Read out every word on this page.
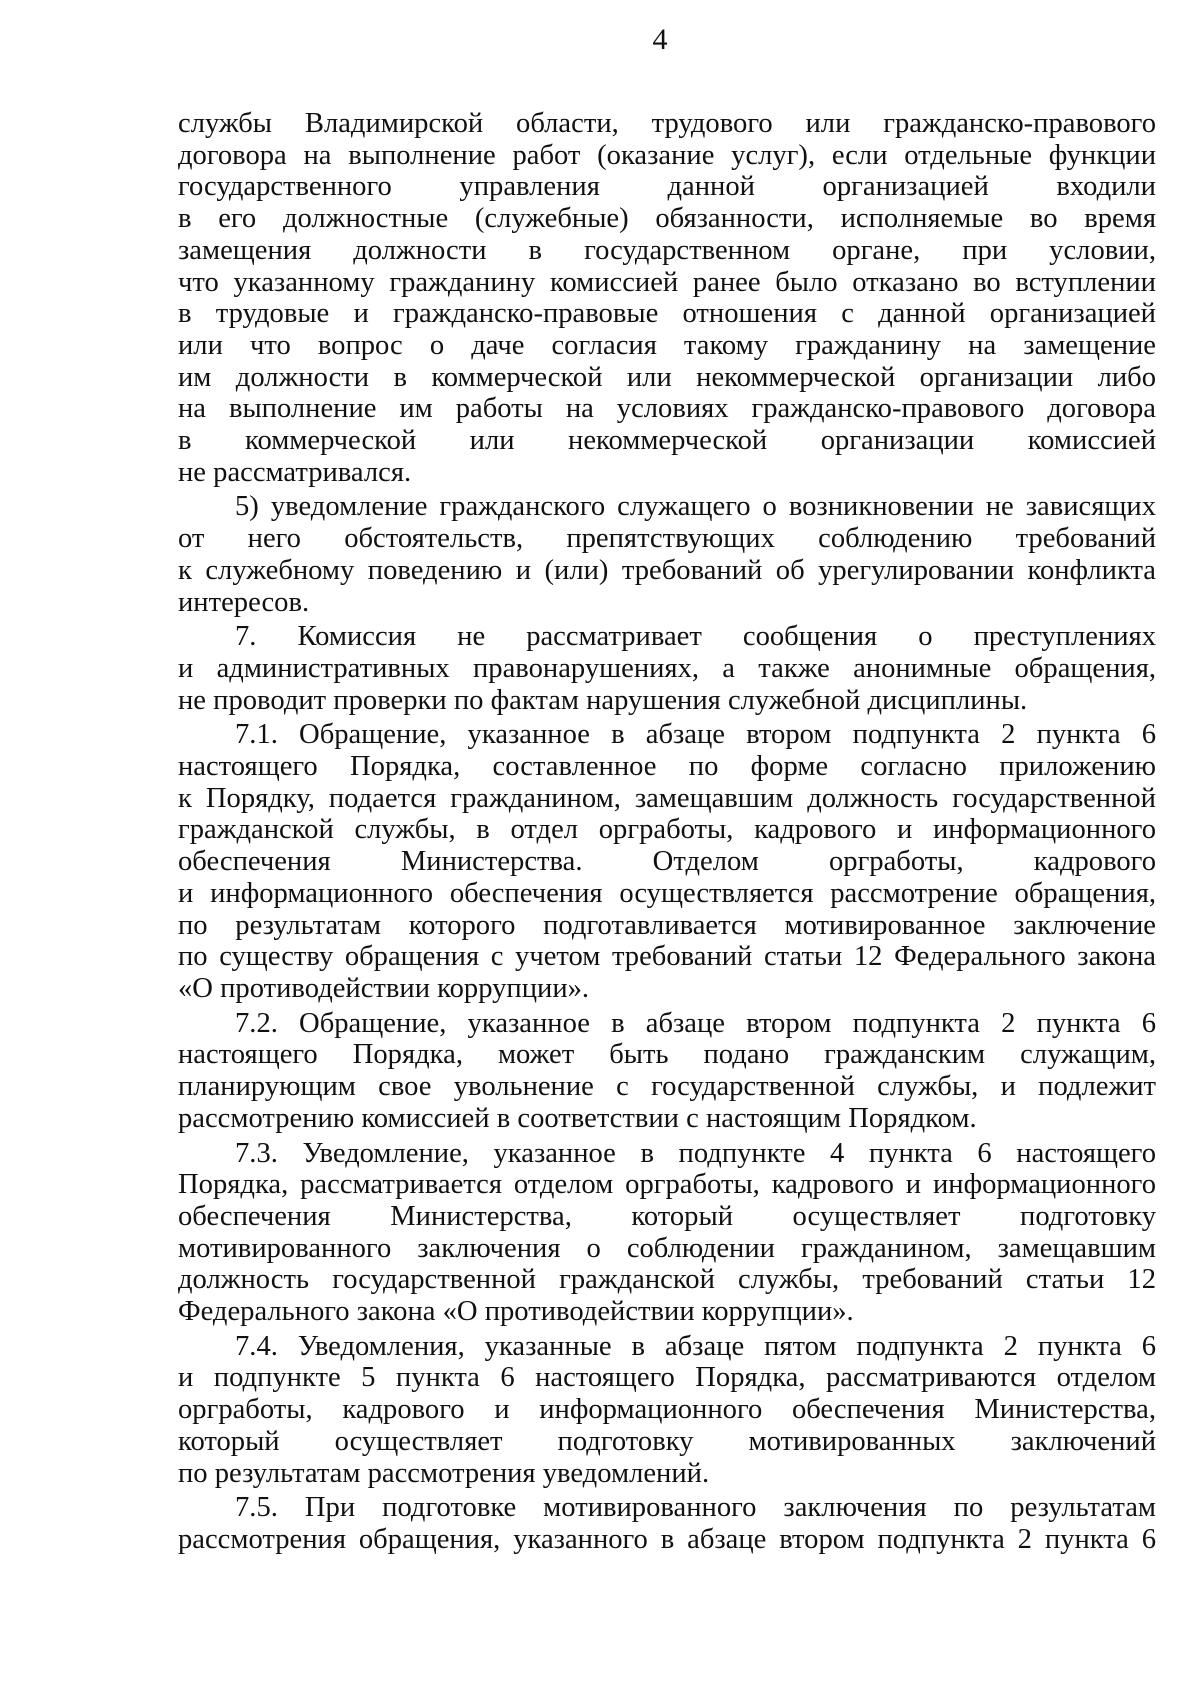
4

службы Владимирской области, трудового или гражданско-правового

договора на выполнение работ (оказание услуг), если отдельные функции

государственного управления данной организацией входили

в его должностные (служебные) обязанности, исполняемые во время

замещения должности в государственном органе, при условии,

что указанному гражданину комиссией ранее было отказано во вступлении

в трудовые и гражданско-правовые отношения с данной организацией

или что вопрос о даче согласия такому гражданину на замещение

им должности в коммерческой или некоммерческой организации либо

на выполнение им работы на условиях гражданско-правового договора

в коммерческой или некоммерческой организации комиссией

не рассматривался.

5) уведомление гражданского служащего о возникновении не зависящих

от него обстоятельств, препятствующих соблюдению требований

к служебному поведению и (или) требований об урегулировании конфликта

интересов.

7. Комиссия не рассматривает сообщения о преступлениях

и административных правонарушениях, а также анонимные обращения,

не проводит проверки по фактам нарушения служебной дисциплины.

7.1. Обращение, указанное в абзаце втором подпункта 2 пункта 6

настоящего Порядка, составленное по форме согласно приложению

к Порядку, подается гражданином, замещавшим должность государственной

гражданской службы, в отдел оргработы, кадрового и информационного

обеспечения Министерства. Отделом оргработы, кадрового

и информационного обеспечения осуществляется рассмотрение обращения,

по результатам которого подготавливается мотивированное заключение

по существу обращения с учетом требований статьи 12 Федерального закона

«О противодействии коррупции».

7.2. Обращение, указанное в абзаце втором подпункта 2 пункта 6

настоящего Порядка, может быть подано гражданским служащим,

планирующим свое увольнение с государственной службы, и подлежит

рассмотрению комиссией в соответствии с настоящим Порядком.

7.3. Уведомление, указанное в подпункте 4 пункта 6 настоящего

Порядка, рассматривается отделом оргработы, кадрового и информационного

обеспечения Министерства, который осуществляет подготовку

мотивированного заключения о соблюдении гражданином, замещавшим

должность государственной гражданской службы, требований статьи 12

Федерального закона «О противодействии коррупции».

7.4. Уведомления, указанные в абзаце пятом подпункта 2 пункта 6

и подпункте 5 пункта 6 настоящего Порядка, рассматриваются отделом

оргработы, кадрового и информационного обеспечения Министерства,

который осуществляет подготовку мотивированных заключений

по результатам рассмотрения уведомлений.

7.5. При подготовке мотивированного заключения по результатам

рассмотрения обращения, указанного в абзаце втором подпункта 2 пункта 6
